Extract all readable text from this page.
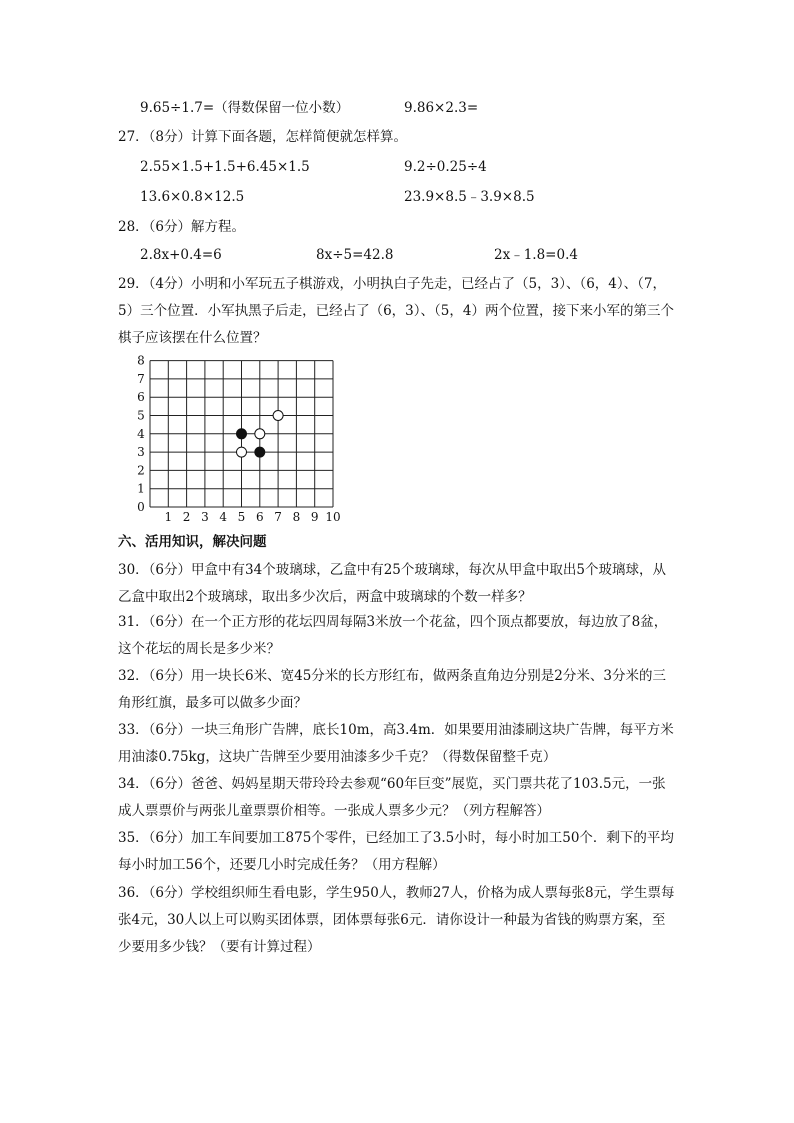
9.65÷1.7=（得数保留一位小数）	9.86×2.3=
27．（8分）计算下面各题，怎样简便就怎样算。
2.55×1.5+1.5+6.45×1.5	9.2÷0.25÷4
13.6×0.8×12.5	23.9×8.5﹣3.9×8.5
28．（6分）解方程。
2.8x+0.4=6	8x÷5=42.8	2x﹣1.8=0.4
29．（4分）小明和小军玩五子棋游戏，小明执白子先走，已经占了（5，3）、（6，4）、（7，5）三个位置．小军执黑子后走，已经占了（6，3）、（5，4）两个位置，接下来小军的第三个棋子应该摆在什么位置？
0
1 2 3 4 5 6 7 8 9 10
1
2
3
4
5
6
7
8
六、活用知识，解决问题
30．（6分）甲盒中有34个玻璃球，乙盒中有25个玻璃球，每次从甲盒中取出5个玻璃球，从乙盒中取出2个玻璃球，取出多少次后，两盒中玻璃球的个数一样多？
31．（6分）在一个正方形的花坛四周每隔3米放一个花盆，四个顶点都要放，每边放了8盆，这个花坛的周长是多少米？
32．（6分）用一块长6米、宽45分米的长方形红布，做两条直角边分别是2分米、3分米的三角形红旗，最多可以做多少面？
33．（6分）一块三角形广告牌，底长10m，高3.4m．如果要用油漆刷这块广告牌，每平方米用油漆0.75kg，这块广告牌至少要用油漆多少千克？（得数保留整千克）
34．（6分）爸爸、妈妈星期天带玲玲去参观“60年巨变”展览，买门票共花了103.5元，一张成人票票价与两张儿童票票价相等。一张成人票多少元？（列方程解答）
35．（6分）加工车间要加工875个零件，已经加工了3.5小时，每小时加工50个．剩下的平均每小时加工56个，还要几小时完成任务？（用方程解）
36．（6分）学校组织师生看电影，学生950人，教师27人，价格为成人票每张8元，学生票每张4元，30人以上可以购买团体票，团体票每张6元．请你设计一种最为省钱的购票方案，至少要用多少钱？（要有计算过程）
